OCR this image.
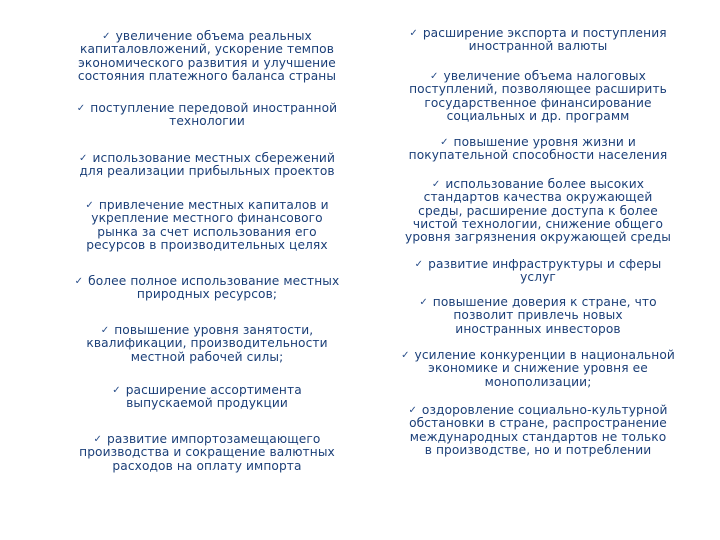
✓ увеличение объема реальных
капиталовложений, ускорение темпов
экономического развития и улучшение
состояния платежного баланса страны
✓ поступление передовой иностранной
технологии
✓ использование местных сбережений
для реализации прибыльных проектов
✓ привлечение местных капиталов и
укрепление местного финансового
рынка за счет использования его
ресурсов в производительных целях
✓ более полное использование местных
природных ресурсов;
✓ повышение уровня занятости,
квалификации, производительности
местной рабочей силы;
✓ расширение ассортимента
выпускаемой продукции
✓ развитие импортозамещающего
производства и сокращение валютных
расходов на оплату импорта
✓ расширение экспорта и поступления
иностранной валюты
✓ увеличение объема налоговых
поступлений, позволяющее расширить
государственное финансирование
социальных и др. программ
✓ повышение уровня жизни и
покупательной способности населения
✓ использование более высоких
стандартов качества окружающей
среды, расширение доступа к более
чистой технологии, снижение общего
уровня загрязнения окружающей среды
✓ развитие инфраструктуры и сферы
услуг
✓ повышение доверия к стране, что
позволит привлечь новых
иностранных инвесторов
✓ усиление конкуренции в национальной
экономике и снижение уровня ее
монополизации;
✓ оздоровление социально-культурной
обстановки в стране, распространение
международных стандартов не только
в производстве, но и потреблении
